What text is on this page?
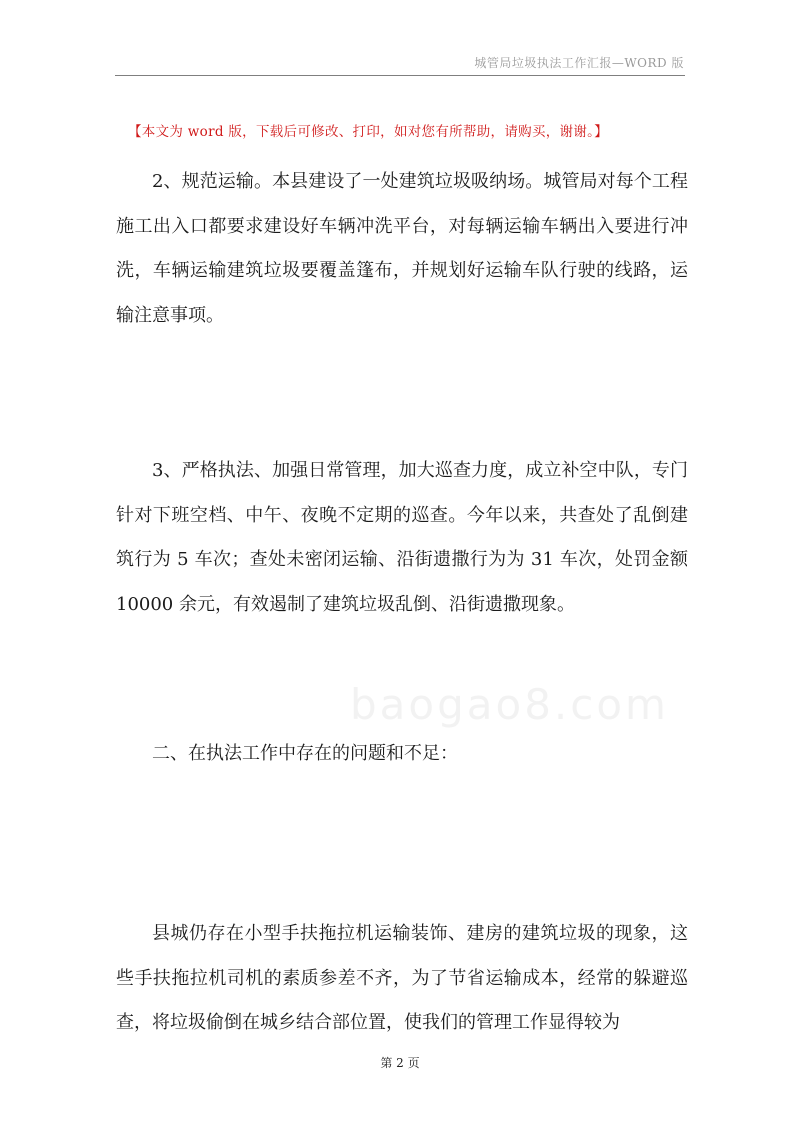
城管局垃圾执法工作汇报—WORD 版
【本文为 word 版，下载后可修改、打印，如对您有所帮助，请购买，谢谢。】

2、规范运输。本县建设了一处建筑垃圾吸纳场。城管局对每个工程施工出入口都要求建设好车辆冲洗平台，对每辆运输车辆出入要进行冲洗，车辆运输建筑垃圾要覆盖篷布，并规划好运输车队行驶的线路，运输注意事项。

3、严格执法、加强日常管理，加大巡查力度，成立补空中队，专门针对下班空档、中午、夜晚不定期的巡查。今年以来，共查处了乱倒建筑行为 5 车次；查处未密闭运输、沿街遗撒行为为 31 车次，处罚金额 10000 余元，有效遏制了建筑垃圾乱倒、沿街遗撒现象。

二、在执法工作中存在的问题和不足：

县城仍存在小型手扶拖拉机运输装饰、建房的建筑垃圾的现象，这些手扶拖拉机司机的素质参差不齐，为了节省运输成本，经常的躲避巡查，将垃圾偷倒在城乡结合部位置，使我们的管理工作显得较为

baogao8.com
第 2 页
